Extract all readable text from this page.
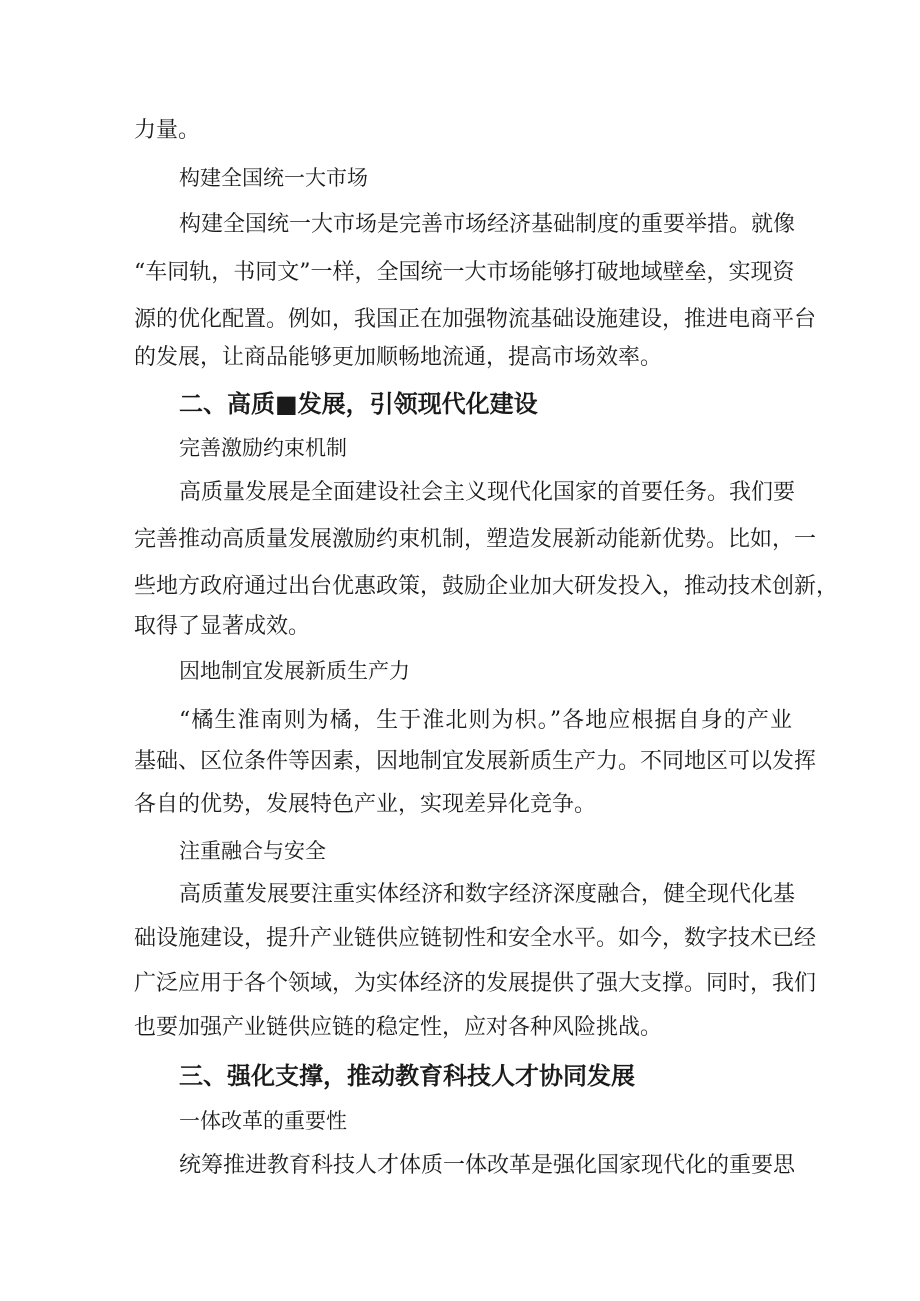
力量。
构建全国统一大市场
构建全国统一大市场是完善市场经济基础制度的重要举措。就像
“车同轨，书同文”一样，全国统一大市场能够打破地域壁垒，实现资
源的优化配置。例如，我国正在加强物流基础设施建设，推进电商平台
的发展，让商品能够更加顺畅地流通，提高市场效率。
二、高质■发展，引领现代化建设
完善激励约束机制
高质量发展是全面建设社会主义现代化国家的首要任务。我们要
完善推动高质量发展激励约束机制，塑造发展新动能新优势。比如，一
些地方政府通过出台优惠政策，鼓励企业加大研发投入，推动技术创新，
取得了显著成效。
因地制宜发展新质生产力
“橘生淮南则为橘，生于淮北则为枳。”各地应根据自身的产业
基础、区位条件等因素，因地制宜发展新质生产力。不同地区可以发挥
各自的优势，发展特色产业，实现差异化竞争。
注重融合与安全
高质董发展要注重实体经济和数字经济深度融合，健全现代化基
础设施建设，提升产业链供应链韧性和安全水平。如今，数字技术已经
广泛应用于各个领域，为实体经济的发展提供了强大支撑。同时，我们
也要加强产业链供应链的稳定性，应对各种风险挑战。
三、强化支撑，推动教育科技人才协同发展
一体改革的重要性
统筹推进教育科技人才体质一体改革是强化国家现代化的重要思
